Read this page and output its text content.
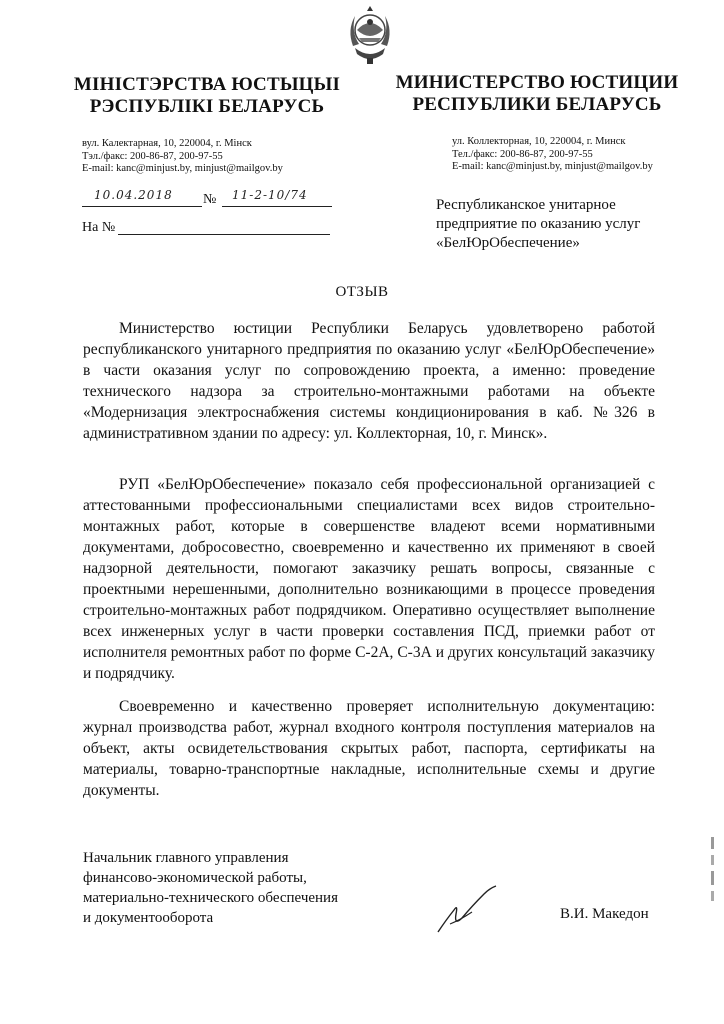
МІНІСТЭРСТВА ЮСТЫЦЫІ
РЭСПУБЛІКІ БЕЛАРУСЬ
вул. Калектарная, 10, 220004, г. Мінск
Тэл./факс: 200-86-87, 200-97-55
E-mail: kanc@minjust.by, minjust@mailgov.by
МИНИСТЕРСТВО ЮСТИЦИИ
РЕСПУБЛИКИ БЕЛАРУСЬ
ул. Коллекторная, 10, 220004, г. Минск
Тел./факс: 200-86-87, 200-97-55
E-mail: kanc@minjust.by, minjust@mailgov.by
10.04.2018 № 11-2-10/74
На №
Республиканское унитарное
предприятие по оказанию услуг
«БелЮрОбеспечение»
ОТЗЫВ
Министерство юстиции Республики Беларусь удовлетворено работой республиканского унитарного предприятия по оказанию услуг «БелЮрОбеспечение» в части оказания услуг по сопровождению проекта, а именно: проведение технического надзора за строительно-монтажными работами на объекте «Модернизация электроснабжения системы кондиционирования в каб. №326 в административном здании по адресу: ул. Коллекторная, 10, г. Минск».
РУП «БелЮрОбеспечение» показало себя профессиональной организацией с аттестованными профессиональными специалистами всех видов строительно-монтажных работ, которые в совершенстве владеют всеми нормативными документами, добросовестно, своевременно и качественно их применяют в своей надзорной деятельности, помогают заказчику решать вопросы, связанные с проектными нерешенными, дополнительно возникающими в процессе проведения строительно-монтажных работ подрядчиком. Оперативно осуществляет выполнение всех инженерных услуг в части проверки составления ПСД, приемки работ от исполнителя ремонтных работ по форме С-2А, С-3А и других консультаций заказчику и подрядчику.
Своевременно и качественно проверяет исполнительную документацию: журнал производства работ, журнал входного контроля поступления материалов на объект, акты освидетельствования скрытых работ, паспорта, сертификаты на материалы, товарно-транспортные накладные, исполнительные схемы и другие документы.
Начальник главного управления
финансово-экономической работы,
материально-технического обеспечения
и документооборота	В.И. Македон
